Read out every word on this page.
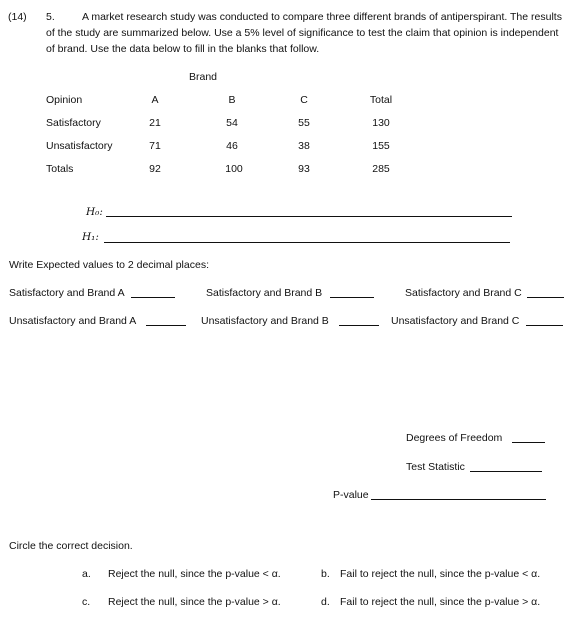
(14) 5.	A market research study was conducted to compare three different brands of antiperspirant. The results of the study are summarized below. Use a 5% level of significance to test the claim that opinion is independent of brand. Use the data below to fill in the blanks that follow.
Brand
Opinion	A	B	C	Total
Satisfactory	21	54	55	130
Unsatisfactory	71	46	38	155
Totals	92	100	93	285
H₀:
H₁:
Write Expected values to 2 decimal places:
Satisfactory and Brand A	Satisfactory and Brand B	Satisfactory and Brand C
Unsatisfactory and Brand A	Unsatisfactory and Brand B	Unsatisfactory and Brand C
Degrees of Freedom
Test Statistic
P-value
Circle the correct decision.
a. Reject the null, since the p-value < α.	b. Fail to reject the null, since the p-value < α.
c. Reject the null, since the p-value > α.	d. Fail to reject the null, since the p-value > α.
